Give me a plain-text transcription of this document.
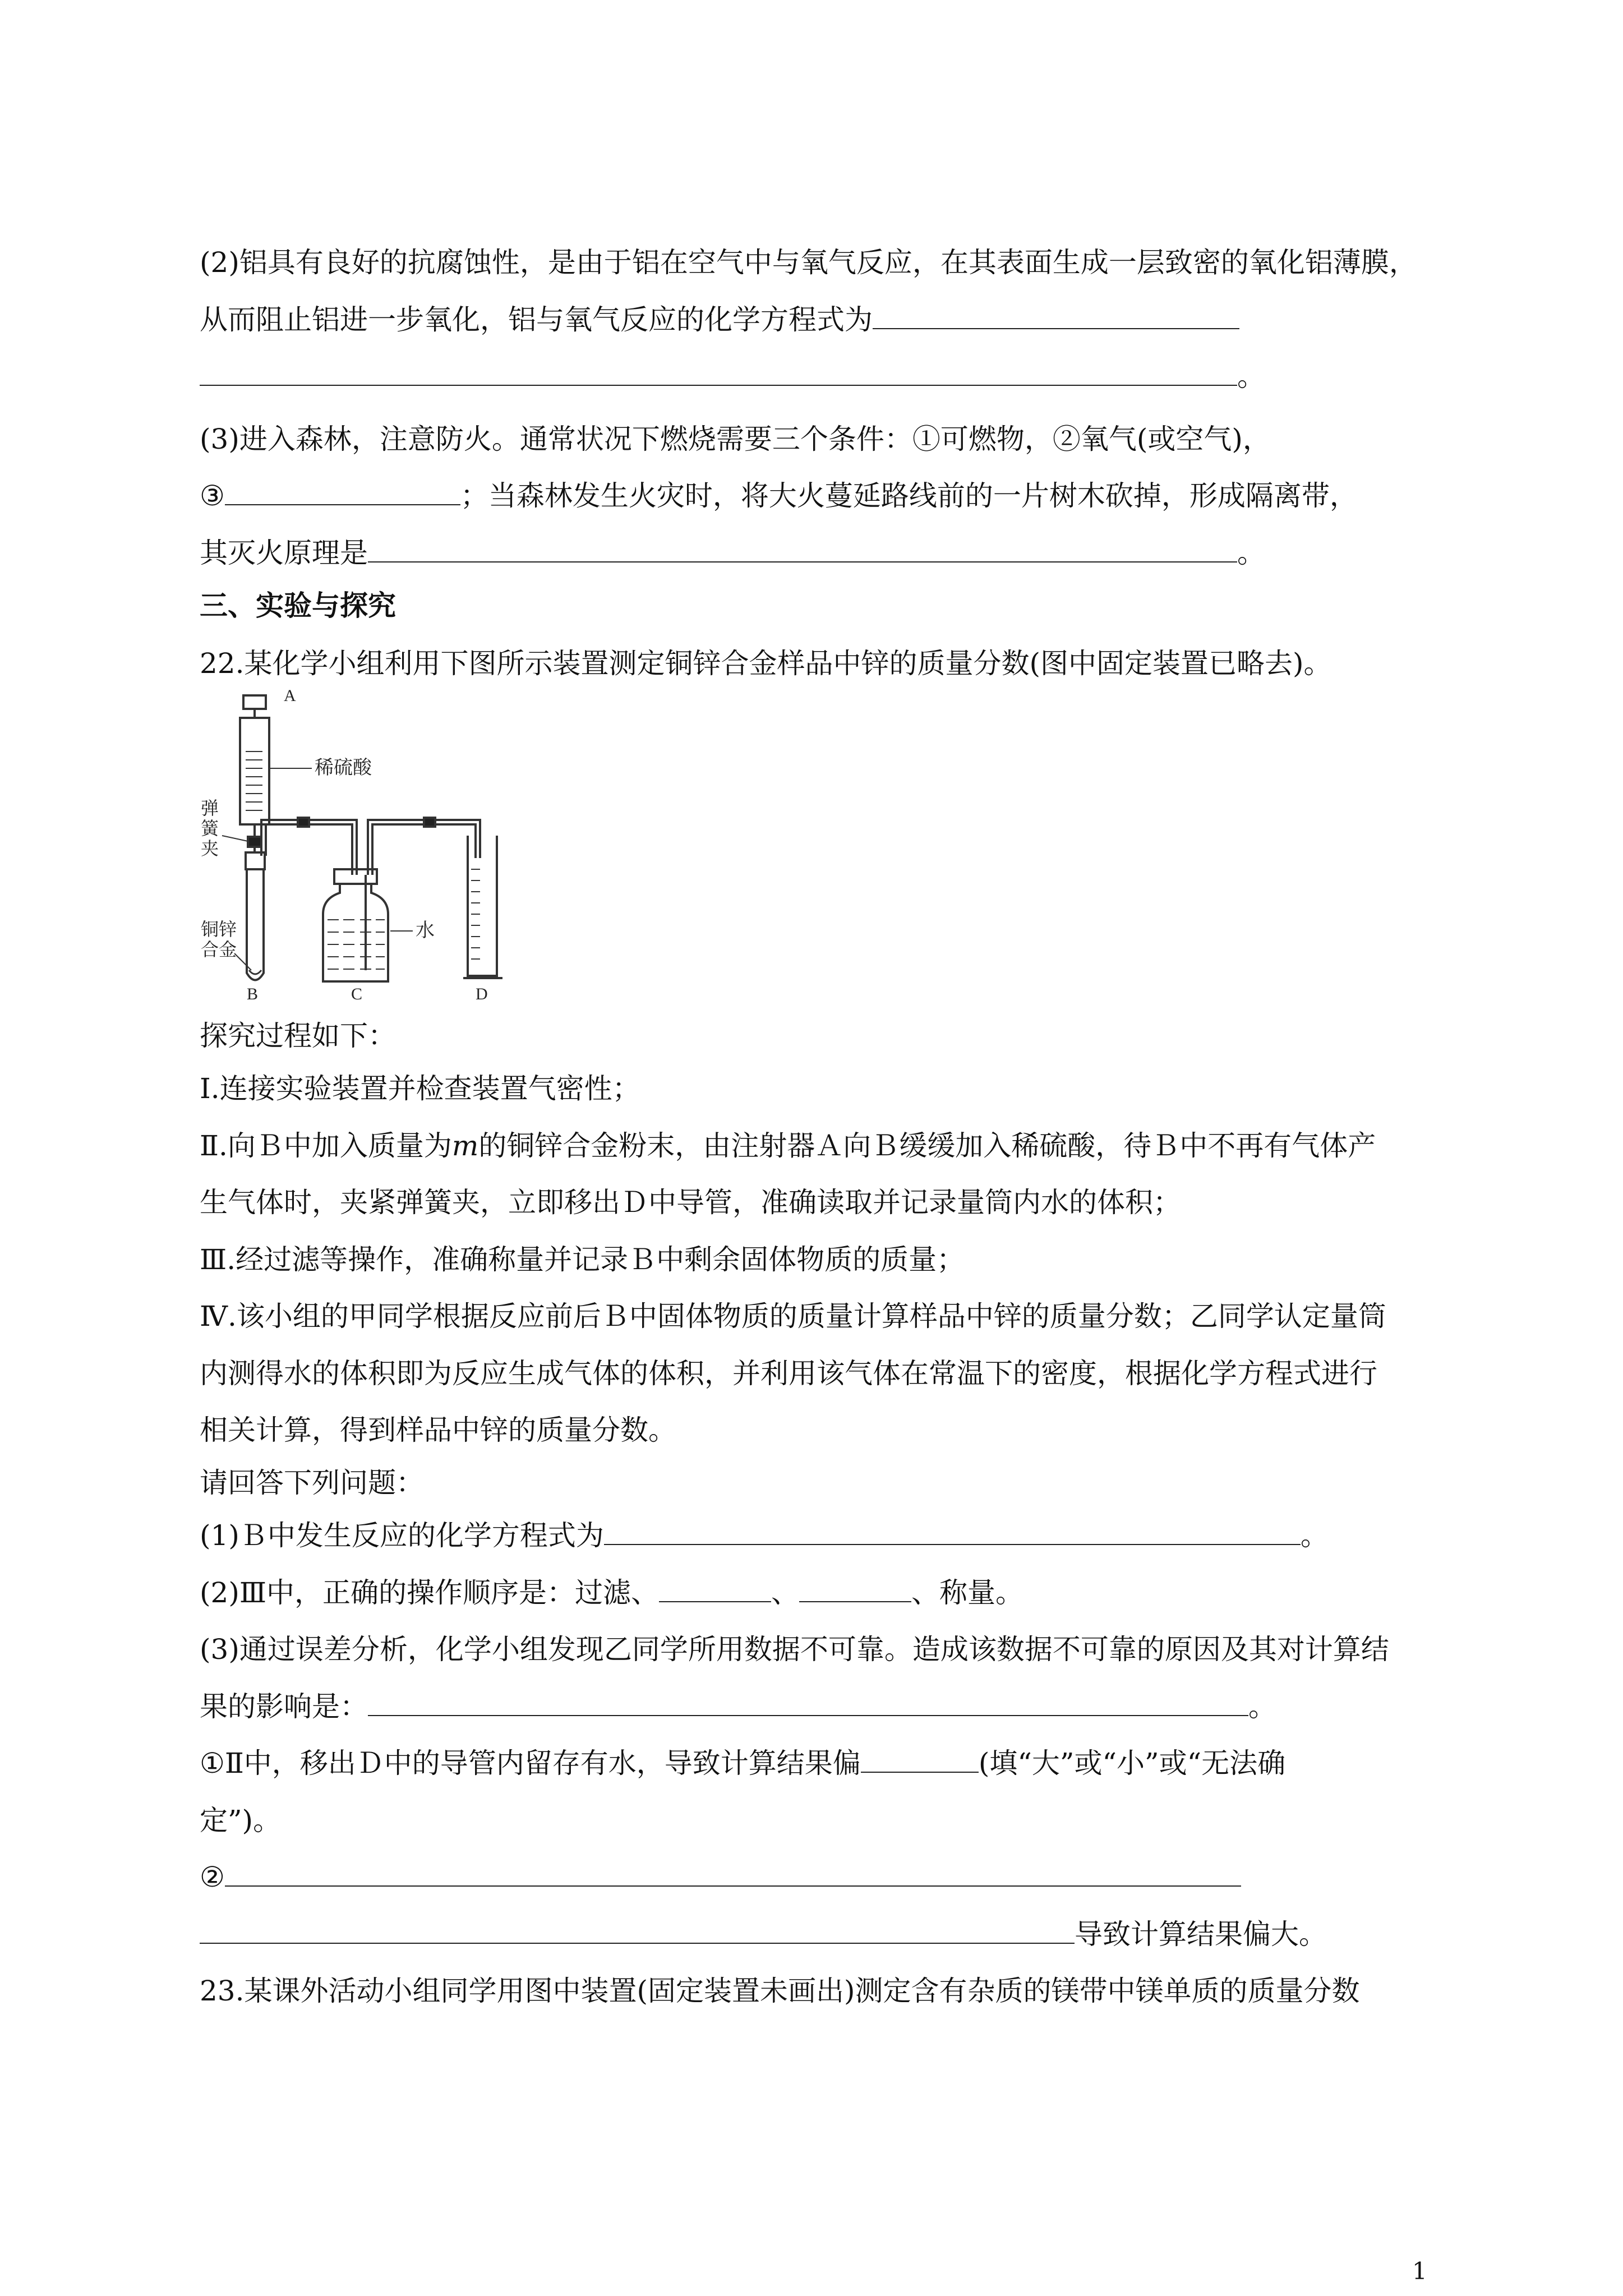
(2)铝具有良好的抗腐蚀性，是由于铝在空气中与氧气反应，在其表面生成一层致密的氧化铝薄膜，
从而阻止铝进一步氧化，铝与氧气反应的化学方程式为
。
(3)进入森林，注意防火。通常状况下燃烧需要三个条件：①可燃物，②氧气(或空气)，
③	；当森林发生火灾时，将大火蔓延路线前的一片树木砍掉，形成隔离带，
其灭火原理是	。
三、实验与探究
22.某化学小组利用下图所示装置测定铜锌合金样品中锌的质量分数(图中固定装置已略去)。
稀硫酸
A
弹
簧
夹
铜锌
合金
B
水
C	D
探究过程如下：
Ⅰ.连接实验装置并检查装置气密性；
Ⅱ.向Ｂ中加入质量为m的铜锌合金粉末，由注射器Ａ向Ｂ缓缓加入稀硫酸，待Ｂ中不再有气体产
生气体时，夹紧弹簧夹，立即移出Ｄ中导管，准确读取并记录量筒内水的体积；
Ⅲ.经过滤等操作，准确称量并记录Ｂ中剩余固体物质的质量；
Ⅳ.该小组的甲同学根据反应前后Ｂ中固体物质的质量计算样品中锌的质量分数；乙同学认定量筒
内测得水的体积即为反应生成气体的体积，并利用该气体在常温下的密度，根据化学方程式进行
相关计算，得到样品中锌的质量分数。
请回答下列问题：
(1)Ｂ中发生反应的化学方程式为	。
(2)Ⅲ中，正确的操作顺序是：过滤、	、	、称量。
(3)通过误差分析，化学小组发现乙同学所用数据不可靠。造成该数据不可靠的原因及其对计算结
果的影响是：	。
①Ⅱ中，移出Ｄ中的导管内留存有水，导致计算结果偏	(填“大”或“小”或“无法确
定”)。
②
导致计算结果偏大。
23.某课外活动小组同学用图中装置(固定装置未画出)测定含有杂质的镁带中镁单质的质量分数
1
